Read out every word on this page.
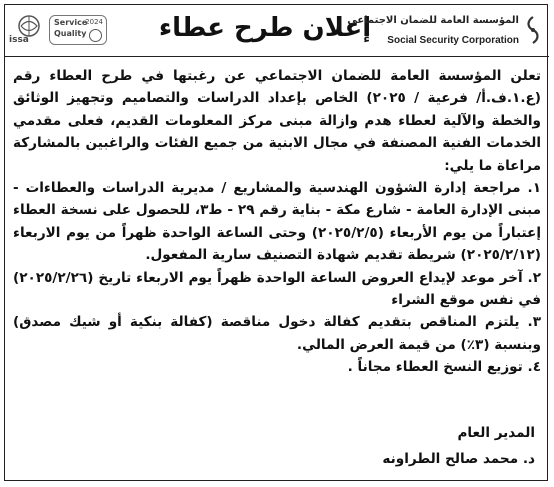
issa
Service
Quality
2024 إعلان طرح عطاء
المؤسسة العامة للضمان الاجتماعي
Social Security Corporation

تعلن المؤسسة العامة للضمان الاجتماعي عن رغبتها في طرح العطاء رقم (ع.١.ف.أ/ فرعية / ٢٠٢٥) الخاص بإعداد الدراسات والتصاميم وتجهيز الوثائق والخطة والآلية لعطاء هدم وازالة مبنى مركز المعلومات القديم، فعلى مقدمي الخدمات الفنية المصنفة في مجال الابنية من جميع الفئات والراغبين بالمشاركة مراعاة ما يلي:

١. مراجعة إدارة الشؤون الهندسية والمشاريع / مديرية الدراسات والعطاءات - مبنى الإدارة العامة - شارع مكة - بناية رقم ٢٩ - ط٣، للحصول على نسخة العطاء إعتباراً من يوم الأربعاء (٢٠٢٥/٢/٥) وحتى الساعة الواحدة ظهراً من يوم الاربعاء (٢٠٢٥/٢/١٢) شريطة تقديم شهادة التصنيف سارية المفعول.

٢. آخر موعد لإيداع العروض الساعة الواحدة ظهراً يوم الاربعاء تاريخ (٢٠٢٥/٢/٢٦) في نفس موقع الشراء

٣. يلتزم المناقص بتقديم كفالة دخول مناقصة (كفالة بنكية أو شيك مصدق) وبنسبة (٣٪) من قيمة العرض المالي.

٤. توزيع النسخ العطاء مجاناً .

المدير العام
د. محمد صالح الطراونه
